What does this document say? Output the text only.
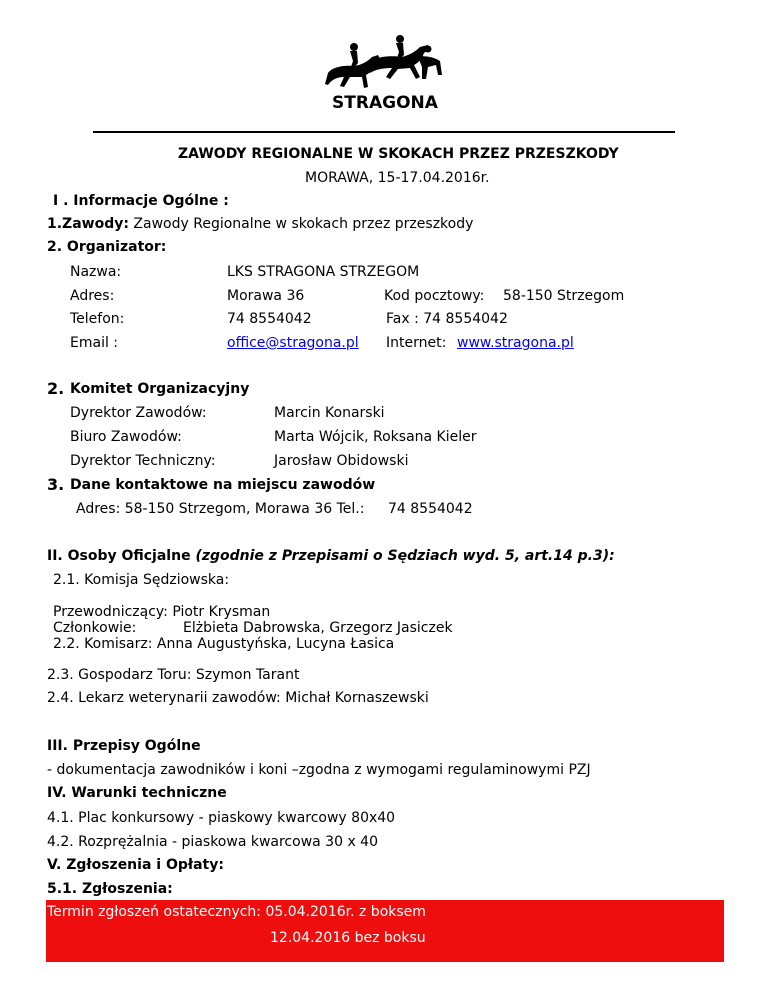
STRAGONA
ZAWODY REGIONALNE W SKOKACH PRZEZ PRZESZKODY
MORAWA, 15-17.04.2016r.
I . Informacje Ogólne :
1.Zawody: Zawody Regionalne w skokach przez przeszkody
2. Organizator:
Nazwa:	LKS STRAGONA STRZEGOM
Adres:	Morawa 36	Kod pocztowy: 58-150 Strzegom
Telefon:	74 8554042	Fax : 74 8554042
Email :	office@stragona.pl Internet: www.stragona.pl
2. Komitet Organizacyjny
Dyrektor Zawodów:	Marcin Konarski
Biuro Zawodów:	Marta Wójcik, Roksana Kieler
Dyrektor Techniczny:	Jarosław Obidowski
3. Dane kontaktowe na miejscu zawodów
Adres: 58-150 Strzegom, Morawa 36 Tel.: 74 8554042
II. Osoby Oficjalne (zgodnie z Przepisami o Sędziach wyd. 5, art.14 p.3):
2.1. Komisja Sędziowska:
Przewodniczący: Piotr Krysman
Członkowie:	Elżbieta Dabrowska, Grzegorz Jasiczek
2.2. Komisarz: Anna Augustyńska, Lucyna Łasica
2.3. Gospodarz Toru: Szymon Tarant
2.4. Lekarz weterynarii zawodów: Michał Kornaszewski
III. Przepisy Ogólne
- dokumentacja zawodników i koni –zgodna z wymogami regulaminowymi PZJ
IV. Warunki techniczne
4.1. Plac konkursowy - piaskowy kwarcowy 80x40
4.2. Rozprężalnia - piaskowa kwarcowa 30 x 40
V. Zgłoszenia i Opłaty:
5.1. Zgłoszenia:
Termin zgłoszeń ostatecznych: 05.04.2016r. z boksem
12.04.2016 bez boksu
